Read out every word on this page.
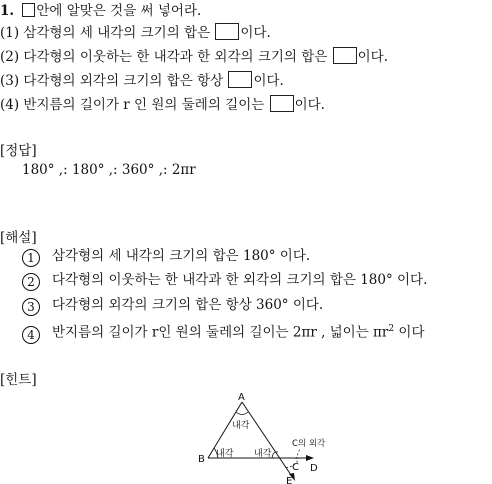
1. 안에 알맞은 것을 써 넣어라.
(1) 삼각형의 세 내각의 크기의 합은 이다.
(2) 다각형의 이웃하는 한 내각과 한 외각의 크기의 합은 이다.
(3) 다각형의 외각의 크기의 합은 항상 이다.
(4) 반지름의 길이가 r 인 원의 둘레의 길이는 이다.
[정답]
180° ,: 180° ,: 360° ,: 2πr
[해설]
1 삼각형의 세 내각의 크기의 합은 180° 이다.
2 다각형의 이웃하는 한 내각과 한 외각의 크기의 합은 180° 이다.
3 다각형의 외각의 크기의 합은 항상 360° 이다.
4 반지름의 길이가 r인 원의 둘레의 길이는 2πr , 넓이는 $\pi r^2$ 이다
[힌트]
A
B
C D
E
내각
내각 내각
C의 외각
